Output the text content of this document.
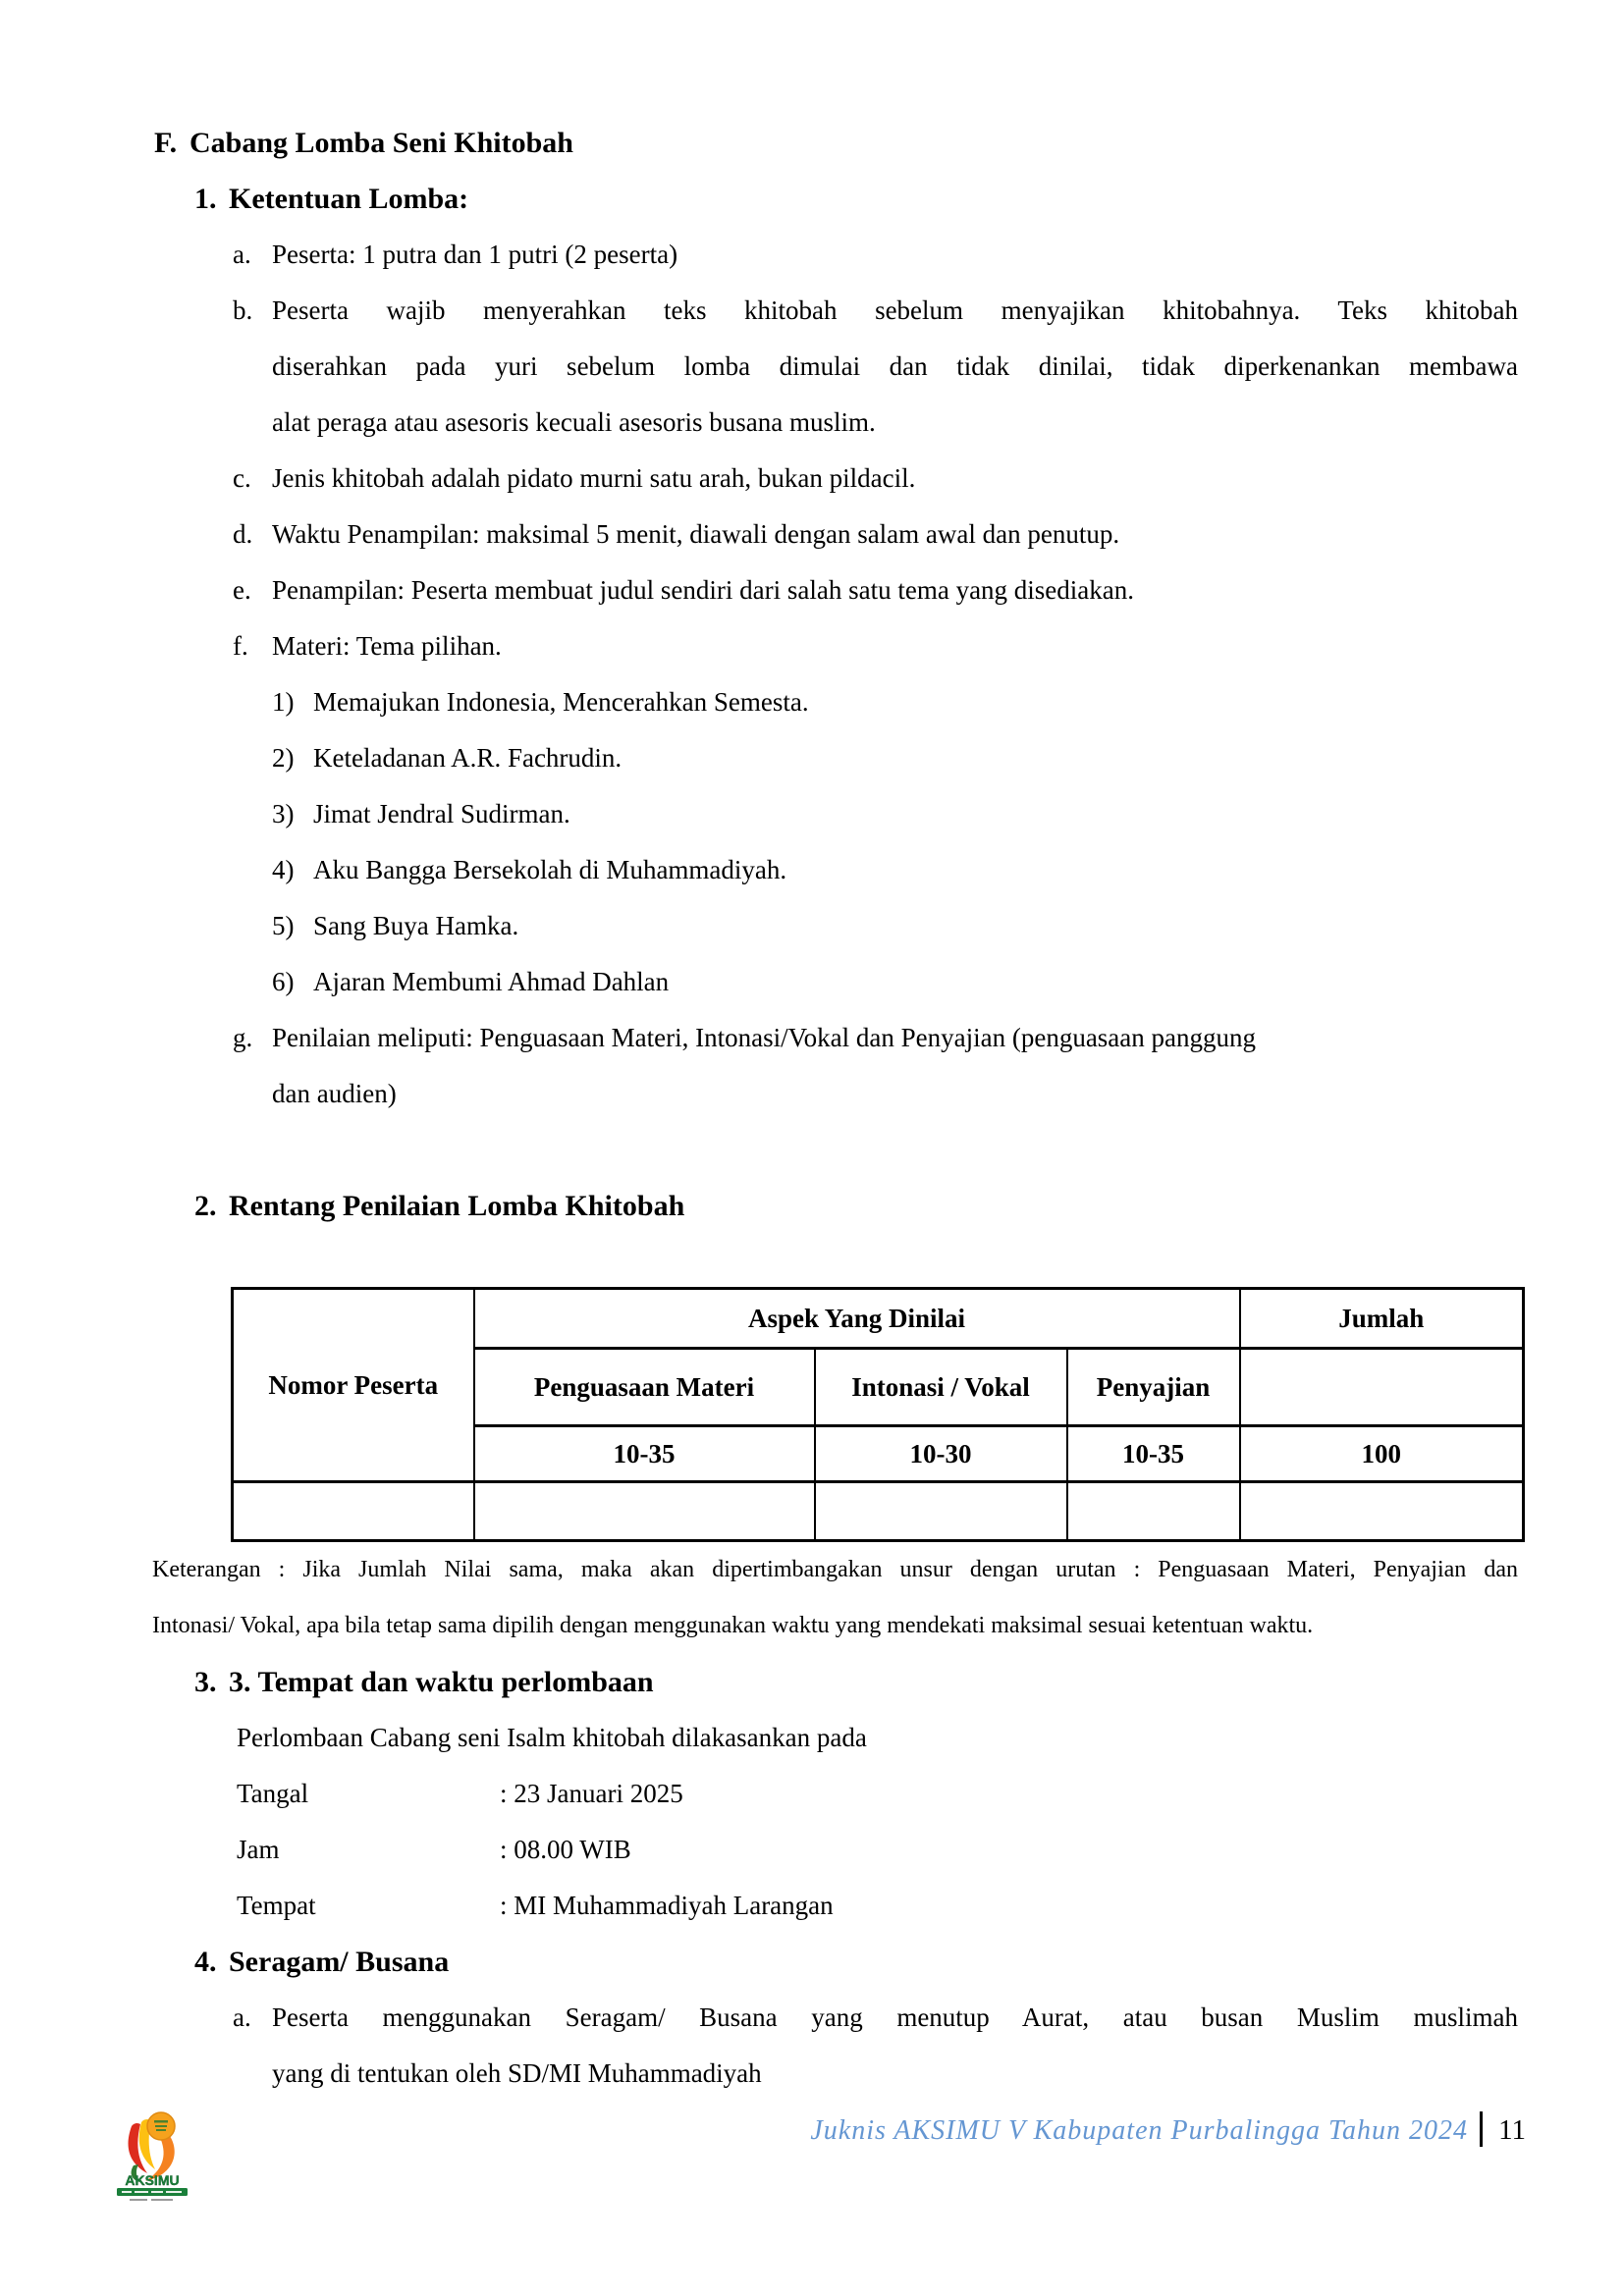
F. Cabang Lomba Seni Khitobah
1. Ketentuan Lomba:
a. Peserta: 1 putra dan 1 putri (2 peserta)
b. Peserta wajib menyerahkan teks khitobah sebelum menyajikan khitobahnya. Teks khitobah
diserahkan pada yuri sebelum lomba dimulai dan tidak dinilai, tidak diperkenankan membawa
alat peraga atau asesoris kecuali asesoris busana muslim.
c. Jenis khitobah adalah pidato murni satu arah, bukan pildacil.
d. Waktu Penampilan: maksimal 5 menit, diawali dengan salam awal dan penutup.
e. Penampilan: Peserta membuat judul sendiri dari salah satu tema yang disediakan.
f. Materi: Tema pilihan.
1) Memajukan Indonesia, Mencerahkan Semesta.
2) Keteladanan A.R. Fachrudin.
3) Jimat Jendral Sudirman.
4) Aku Bangga Bersekolah di Muhammadiyah.
5) Sang Buya Hamka.
6) Ajaran Membumi Ahmad Dahlan
g. Penilaian meliputi: Penguasaan Materi, Intonasi/Vokal dan Penyajian (penguasaan panggung
dan audien)
2. Rentang Penilaian Lomba Khitobah
Nomor Peserta	Aspek Yang Dinilai			Jumlah
	Penguasaan Materi	Intonasi / Vokal	Penyajian	
	10-35	10-30	10-35	100

Keterangan : Jika Jumlah Nilai sama, maka akan dipertimbangakan unsur dengan urutan : Penguasaan Materi, Penyajian dan
Intonasi/ Vokal, apa bila tetap sama dipilih dengan menggunakan waktu yang mendekati maksimal sesuai ketentuan waktu.
3. 3. Tempat dan waktu perlombaan
Perlombaan Cabang seni Isalm khitobah dilakasankan pada
Tangal	: 23 Januari 2025
Jam	: 08.00 WIB
Tempat	: MI Muhammadiyah Larangan
4. Seragam/ Busana
a. Peserta menggunakan Seragam/ Busana yang menutup Aurat, atau busan Muslim muslimah
yang di tentukan oleh SD/MI Muhammadiyah
Juknis AKSIMU V Kabupaten Purbalingga Tahun 2024 11
AKSIMU
